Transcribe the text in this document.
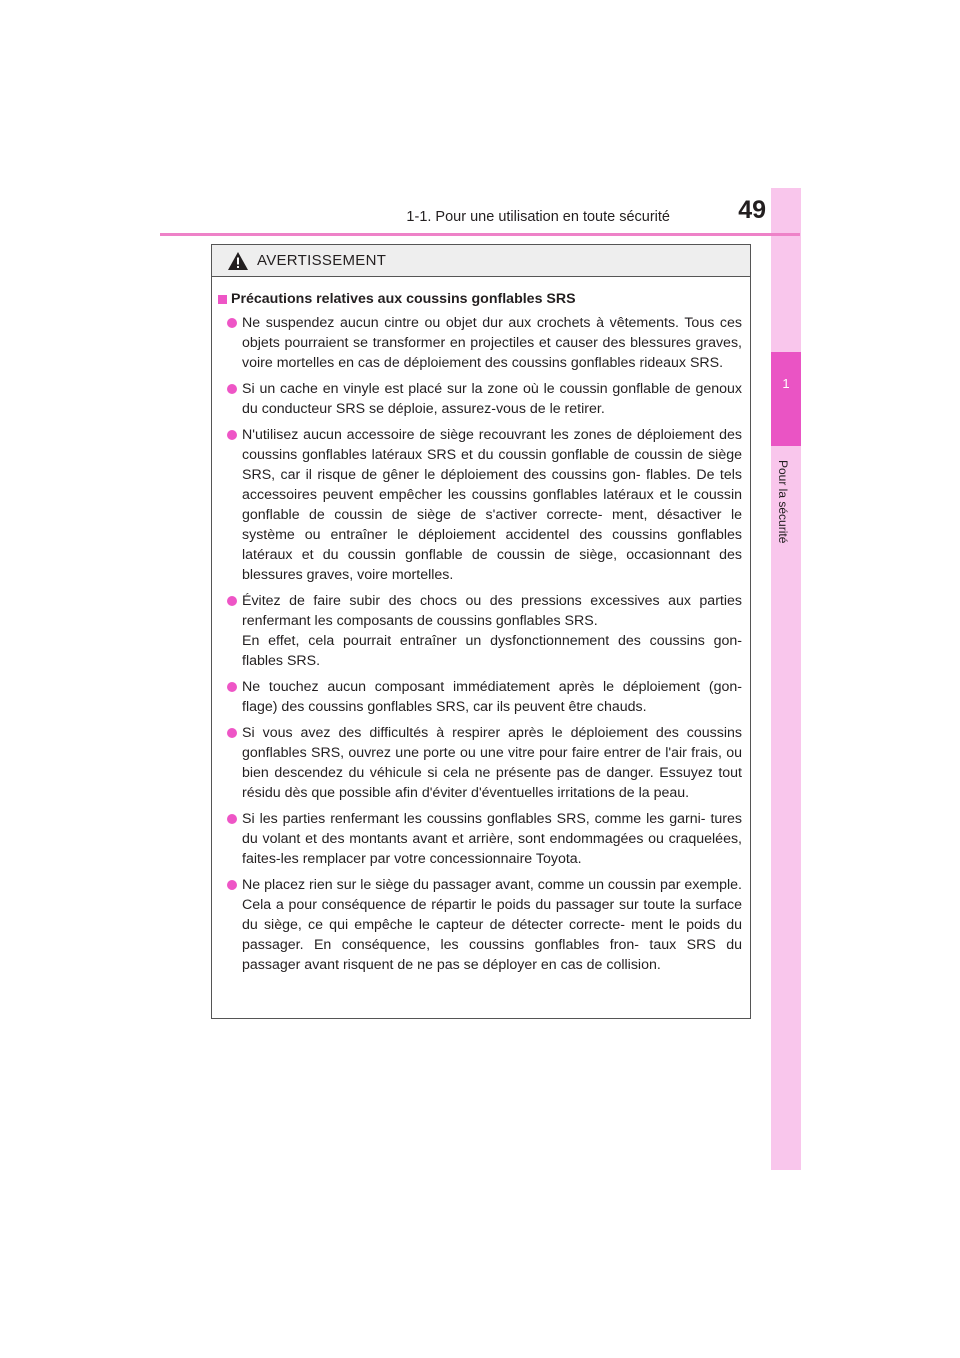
1
Pour la sécurité
1-1. Pour une utilisation en toute sécurité	49
AVERTISSEMENT
Précautions relatives aux coussins gonflables SRS
Ne suspendez aucun cintre ou objet dur aux crochets à vêtements. Tous ces objets pourraient se transformer en projectiles et causer des blessures graves, voire mortelles en cas de déploiement des coussins gonflables rideaux SRS.
Si un cache en vinyle est placé sur la zone où le coussin gonflable de genoux du conducteur SRS se déploie, assurez-vous de le retirer.
N'utilisez aucun accessoire de siège recouvrant les zones de déploiement des coussins gonflables latéraux SRS et du coussin gonflable de coussin de siège SRS, car il risque de gêner le déploiement des coussins gon- flables. De tels accessoires peuvent empêcher les coussins gonflables latéraux et le coussin gonflable de coussin de siège de s'activer correcte- ment, désactiver le système ou entraîner le déploiement accidentel des coussins gonflables latéraux et du coussin gonflable de coussin de siège, occasionnant des blessures graves, voire mortelles.
Évitez de faire subir des chocs ou des pressions excessives aux parties renfermant les composants de coussins gonflables SRS.
En effet, cela pourrait entraîner un dysfonctionnement des coussins gon- flables SRS.
Ne touchez aucun composant immédiatement après le déploiement (gon- flage) des coussins gonflables SRS, car ils peuvent être chauds.
Si vous avez des difficultés à respirer après le déploiement des coussins gonflables SRS, ouvrez une porte ou une vitre pour faire entrer de l'air frais, ou bien descendez du véhicule si cela ne présente pas de danger. Essuyez tout résidu dès que possible afin d'éviter d'éventuelles irritations de la peau.
Si les parties renfermant les coussins gonflables SRS, comme les garni- tures du volant et des montants avant et arrière, sont endommagées ou craquelées, faites-les remplacer par votre concessionnaire Toyota.
Ne placez rien sur le siège du passager avant, comme un coussin par exemple. Cela a pour conséquence de répartir le poids du passager sur toute la surface du siège, ce qui empêche le capteur de détecter correcte- ment le poids du passager. En conséquence, les coussins gonflables fron- taux SRS du passager avant risquent de ne pas se déployer en cas de collision.
